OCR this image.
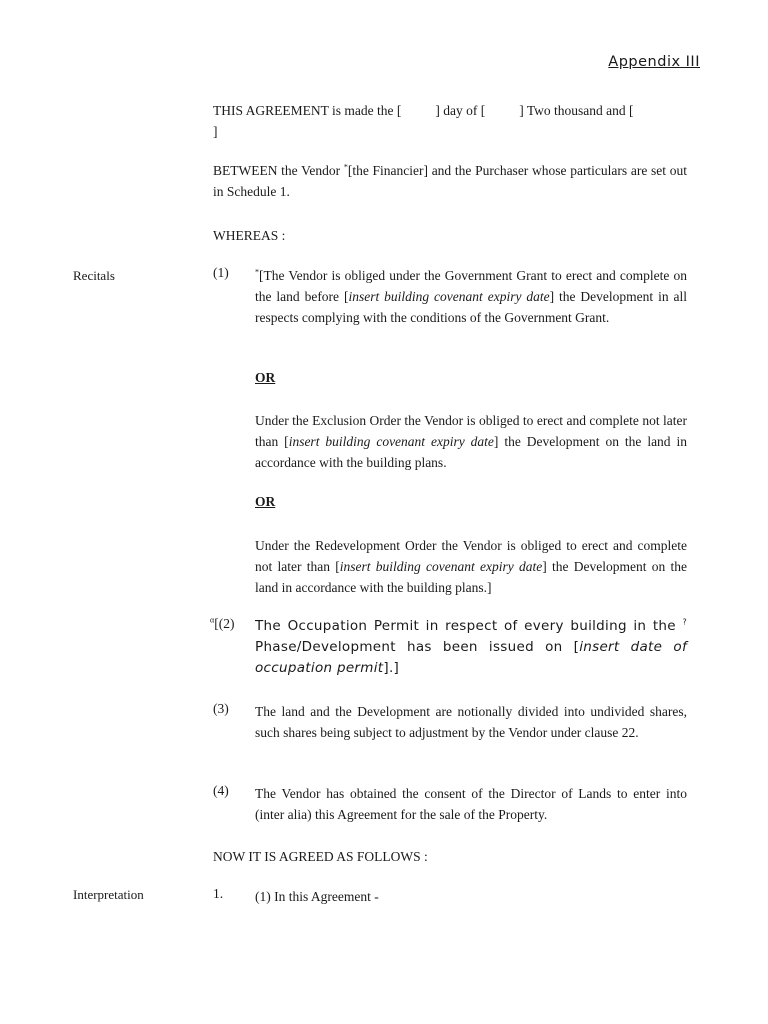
Appendix III
THIS AGREEMENT is made the [	] day of [	] Two thousand and [
]
BETWEEN the Vendor *[the Financier] and the Purchaser whose particulars are set out in Schedule 1.
WHEREAS :
Recitals	(1)	*[The Vendor is obliged under the Government Grant to erect and complete on the land before [insert building covenant expiry date] the Development in all respects complying with the conditions of the Government Grant.
OR
Under the Exclusion Order the Vendor is obliged to erect and complete not later than [insert building covenant expiry date] the Development on the land in accordance with the building plans.
OR
Under the Redevelopment Order the Vendor is obliged to erect and complete not later than [insert building covenant expiry date] the Development on the land in accordance with the building plans.]
$^\alpha$[(2) The Occupation Permit in respect of every building in the ?Phase/Development has been issued on [insert date of occupation permit].]
(3) The land and the Development are notionally divided into undivided shares, such shares being subject to adjustment by the Vendor under clause 22.
(4) The Vendor has obtained the consent of the Director of Lands to enter into (inter alia) this Agreement for the sale of the Property.
NOW IT IS AGREED AS FOLLOWS :
Interpretation	1. (1) In this Agreement -
